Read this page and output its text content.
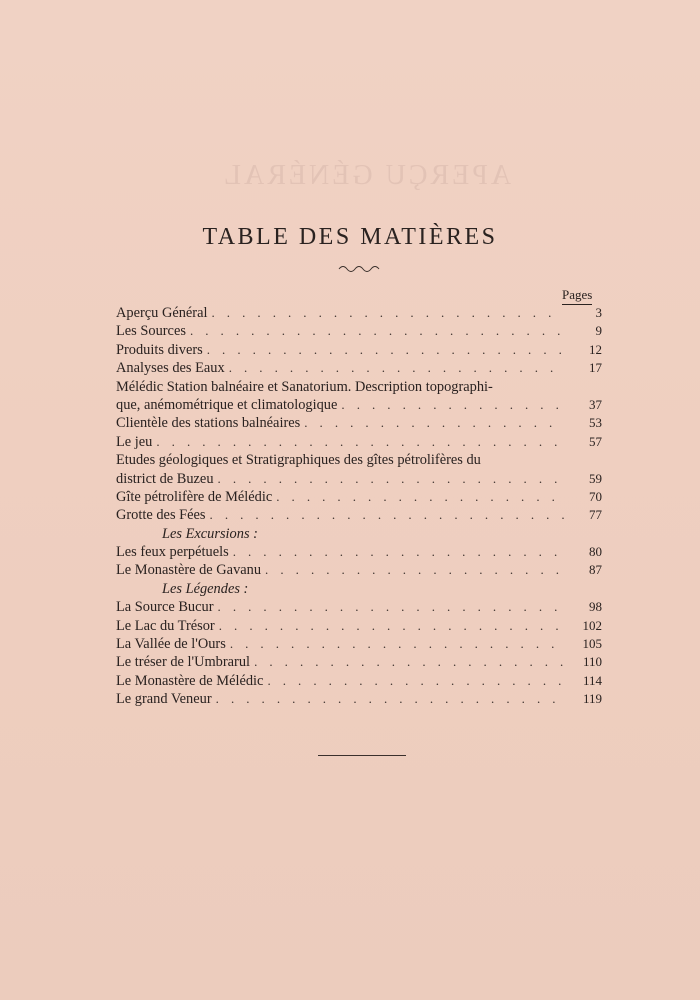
APERÇU GÉNÉRAL
TABLE DES MATIÈRES
Pages
Aperçu Général . . .	3
Les Sources . . .	9
Produits divers . . .	12
Analyses des Eaux . . .	17
Mélédic Station balnéaire et Sanatorium. Description topographi-
que, anémométrique et climatologique . . .	37
Clientèle des stations balnéaires . . .	53
Le jeu . . .	57
Etudes géologiques et Stratigraphiques des gîtes pétrolifères du
district de Buzeu . . .	59
Gîte pétrolifère de Mélédic . . .	70
Grotte des Fées . . .	77
Les Excursions :
Les feux perpétuels . . .	80
Le Monastère de Gavanu . . .	87
Les Légendes :
La Source Bucur . . .	98
Le Lac du Trésor . . .	102
La Vallée de l'Ours . . .	105
Le tréser de l'Umbrarul . . .	110
Le Monastère de Mélédic . . .	114
Le grand Veneur . . .	119
